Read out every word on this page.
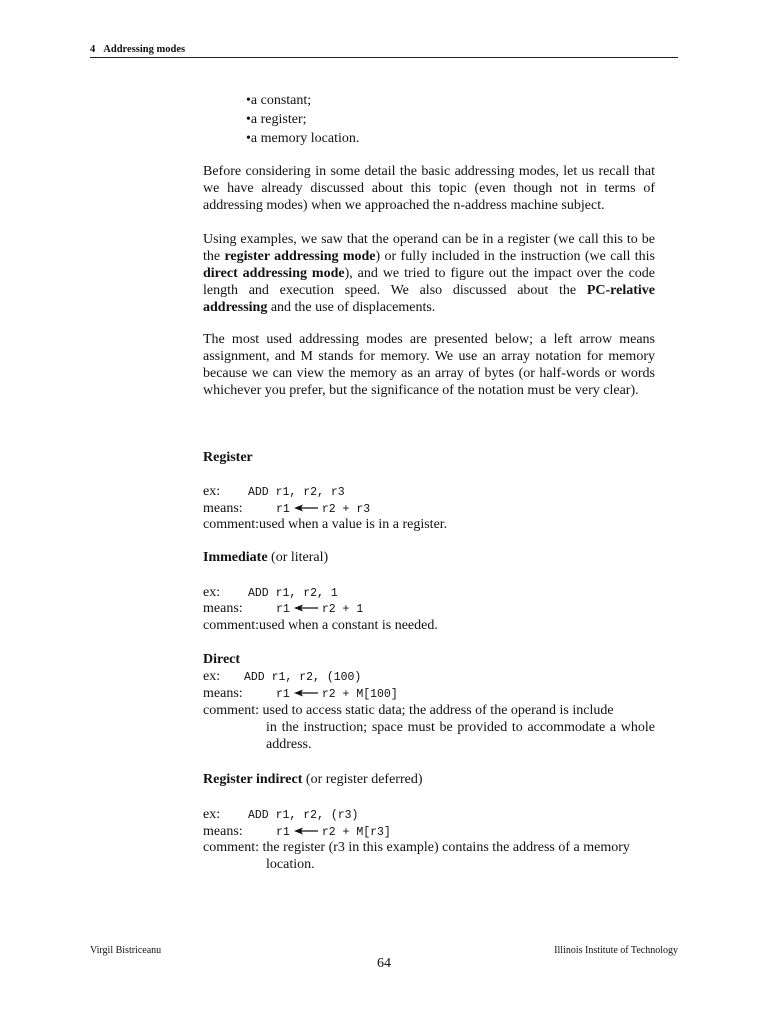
4 Addressing modes
• a constant;
• a register;
• a memory location.

Before considering in some detail the basic addressing modes, let us recall that we have already discussed about this topic (even though not in terms of addressing modes) when we approached the n-address machine subject.

Using examples, we saw that the operand can be in a register (we call this to be the register addressing mode) or fully included in the instruction (we call this direct addressing mode), and we tried to figure out the impact over the code length and execution speed. We also discussed about the PC-relative addressing and the use of displacements.

The most used addressing modes are presented below; a left arrow means assignment, and M stands for memory. We use an array notation for memory because we can view the memory as an array of bytes (or half-words or words whichever you prefer, but the significance of the notation must be very clear).

Register
ex: ADD r1, r2, r3
means:	r1	r2 + r3
comment:used when a value is in a register.
Immediate (or literal)
ex: ADD r1, r2, 1
means:	r1	r2 + 1
comment:used when a constant is needed.
Direct
ex: ADD r1, r2, (100)
means:	r1	r2 + M[100]
comment: used to access static data; the address of the operand is include

in the instruction; space must be provided to accommodate a whole address.

Register indirect (or register deferred)
ex: ADD r1, r2, (r3)
means:	r1	r2 + M[r3]
comment: the register (r3 in this example) contains the address of a memory

location.

Virgil Bistriceanu	Illinois Institute of Technology
64
